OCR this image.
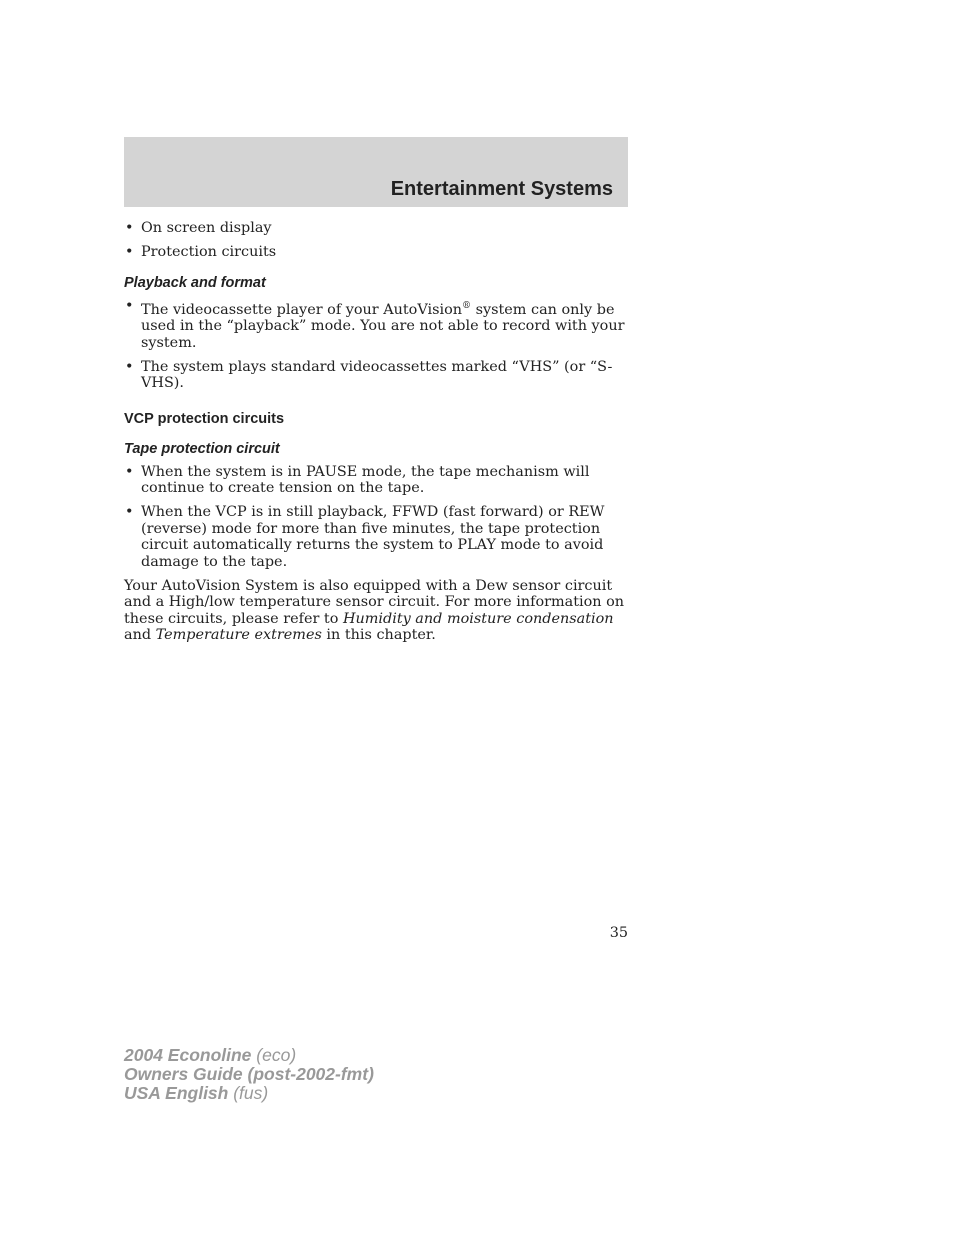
Entertainment Systems
• On screen display
• Protection circuits

Playback and format

• The videocassette player of your AutoVision® system can only be used in the “playback” mode. You are not able to record with your system.
• The system plays standard videocassettes marked “VHS” (or “S-VHS).

VCP protection circuits

Tape protection circuit

• When the system is in PAUSE mode, the tape mechanism will continue to create tension on the tape.
• When the VCP is in still playback, FFWD (fast forward) or REW (reverse) mode for more than five minutes, the tape protection circuit automatically returns the system to PLAY mode to avoid damage to the tape.

Your AutoVision System is also equipped with a Dew sensor circuit and a High/low temperature sensor circuit. For more information on these circuits, please refer to Humidity and moisture condensation and Temperature extremes in this chapter.

35
2004 Econoline (eco)
Owners Guide (post-2002-fmt)
USA English (fus)
